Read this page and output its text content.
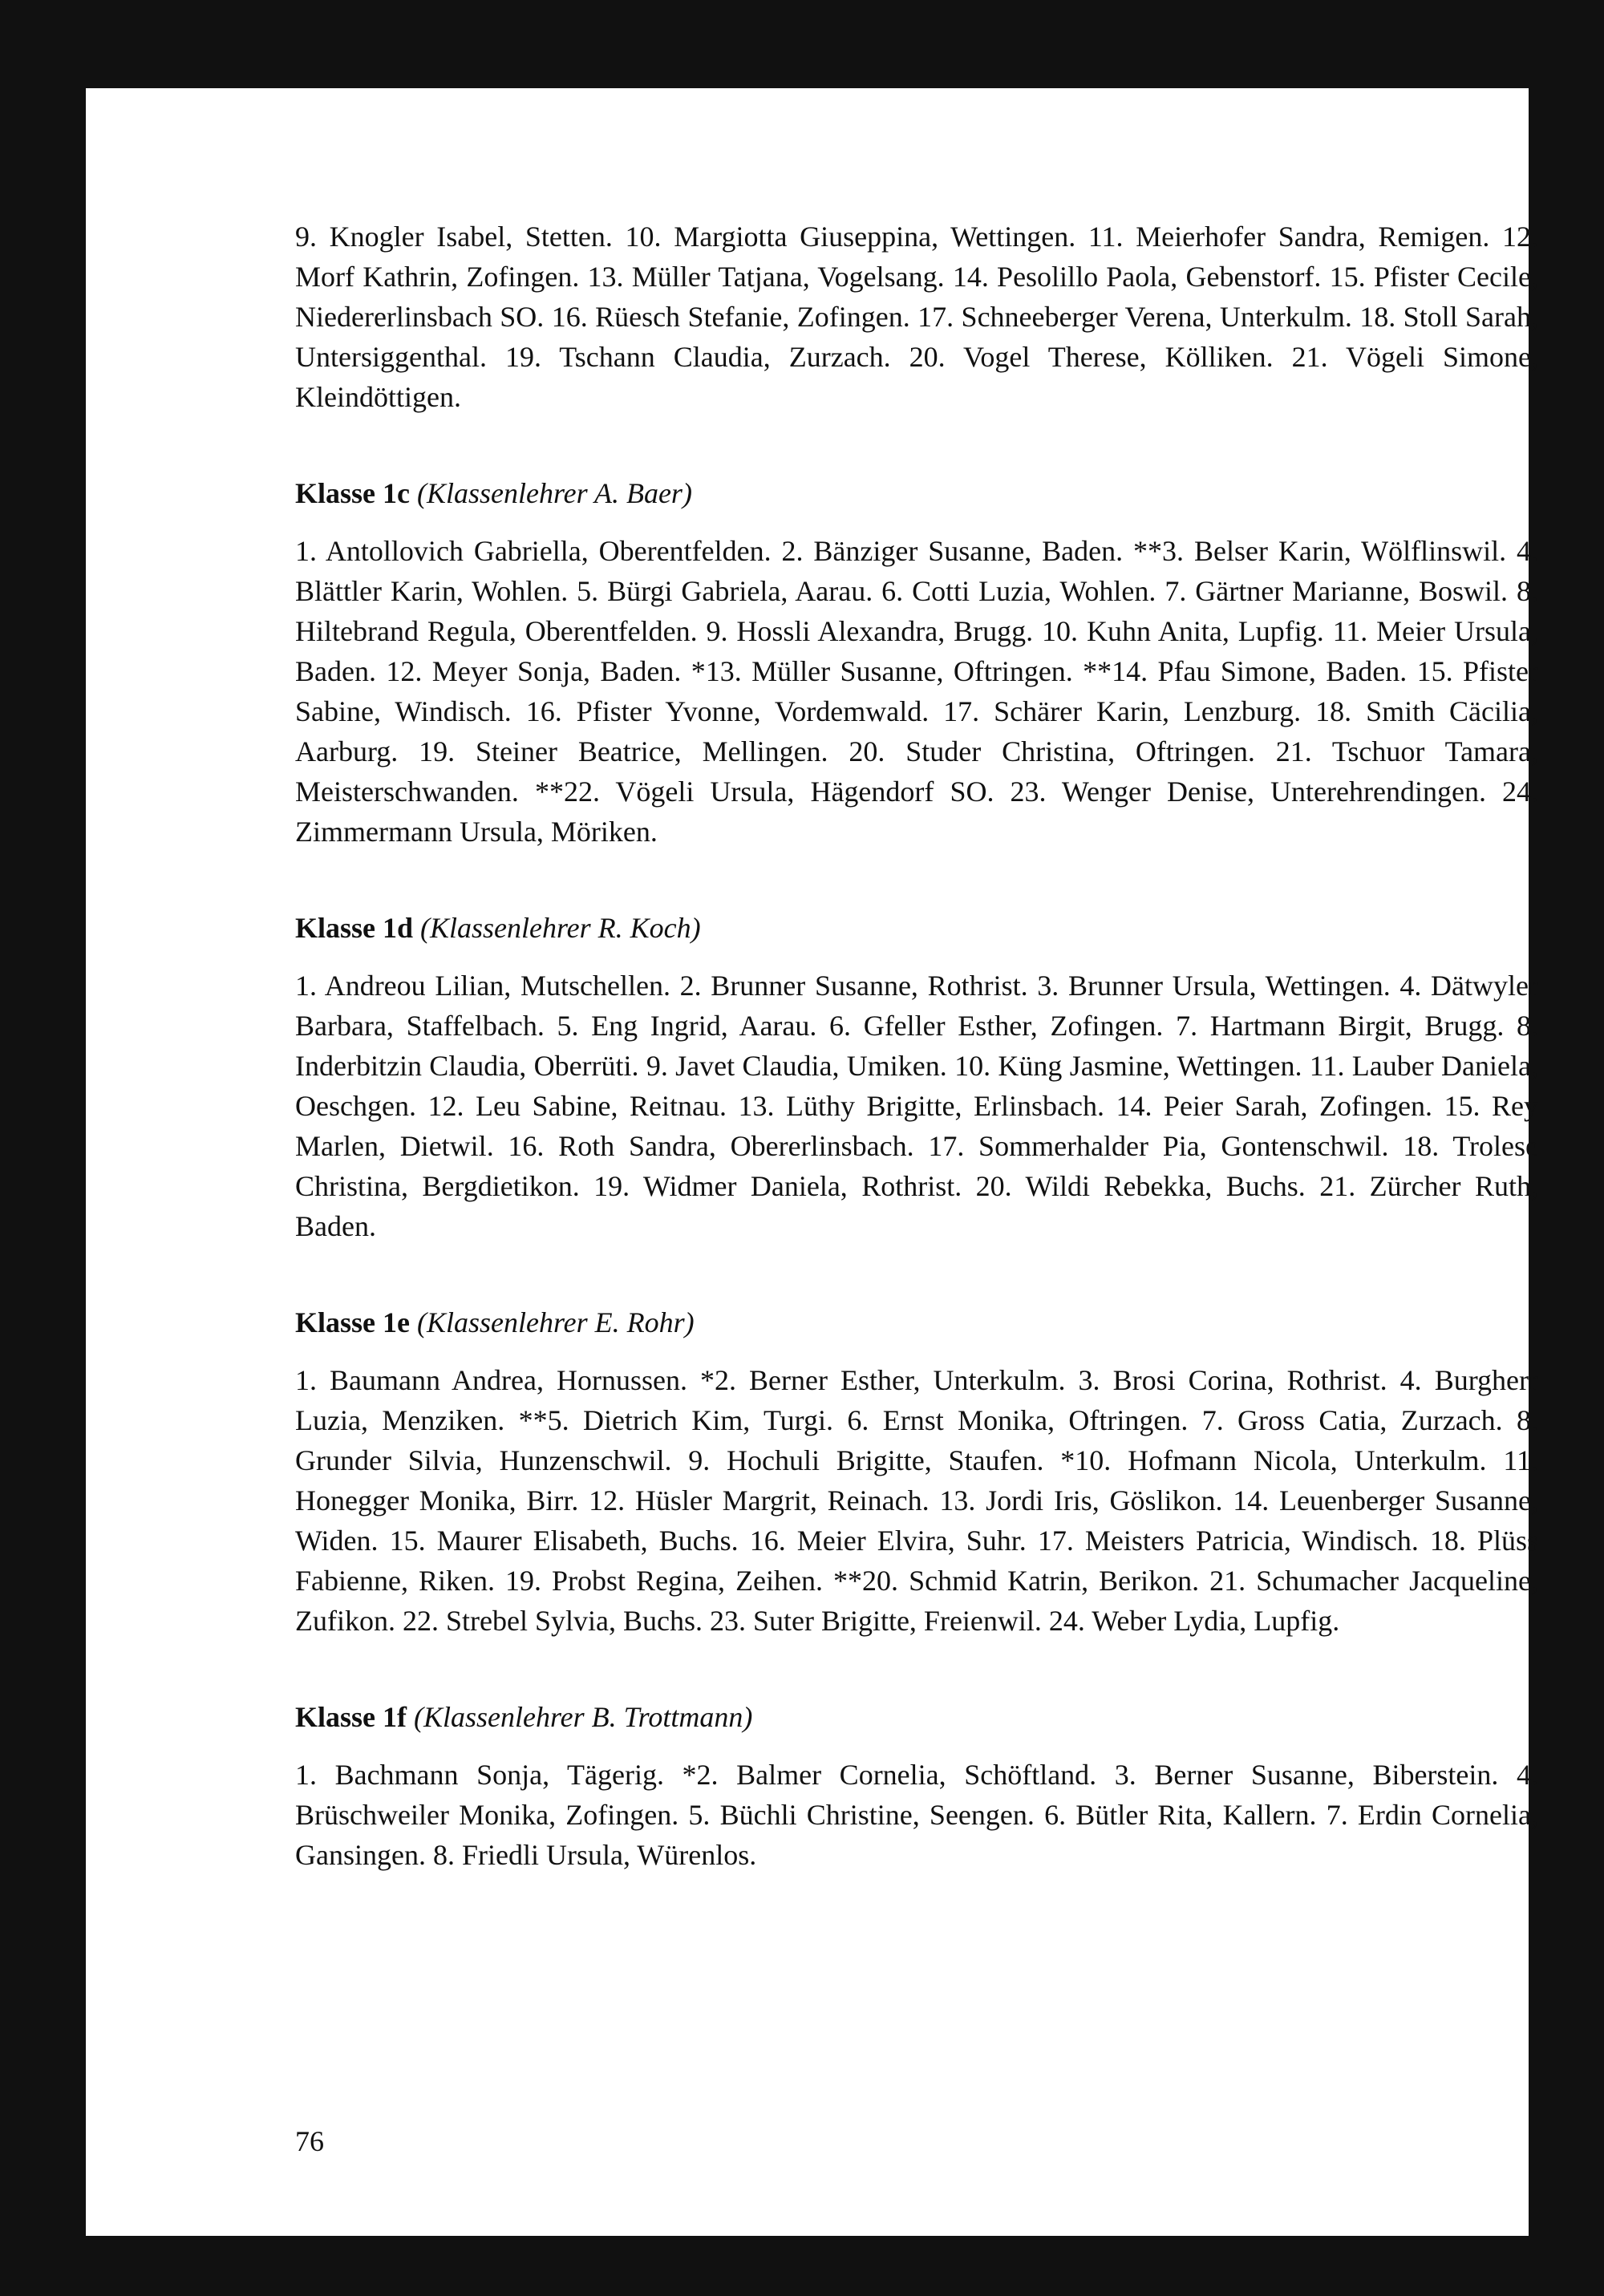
9. Knogler Isabel, Stetten. 10. Margiotta Giuseppina, Wettingen. 11. Meierhofer Sandra, Remigen. 12. Morf Kathrin, Zofingen. 13. Müller Tatjana, Vogelsang. 14. Pesolillo Paola, Gebenstorf. 15. Pfister Cecile, Niedererlinsbach SO. 16. Rüesch Stefanie, Zofingen. 17. Schneeberger Verena, Unterkulm. 18. Stoll Sarah, Untersiggenthal. 19. Tschann Claudia, Zurzach. 20. Vogel Therese, Kölliken. 21. Vögeli Simone, Kleindöttigen.

Klasse 1c (Klassenlehrer A. Baer)

1. Antollovich Gabriella, Oberentfelden. 2. Bänziger Susanne, Baden. **3. Belser Karin, Wölflinswil. 4. Blättler Karin, Wohlen. 5. Bürgi Gabriela, Aarau. 6. Cotti Luzia, Wohlen. 7. Gärtner Marianne, Boswil. 8. Hiltebrand Regula, Oberentfelden. 9. Hossli Alexandra, Brugg. 10. Kuhn Anita, Lupfig. 11. Meier Ursula, Baden. 12. Meyer Sonja, Baden. *13. Müller Susanne, Oftringen. **14. Pfau Simone, Baden. 15. Pfister Sabine, Windisch. 16. Pfister Yvonne, Vordemwald. 17. Schärer Karin, Lenzburg. 18. Smith Cäcilia, Aarburg. 19. Steiner Beatrice, Mellingen. 20. Studer Christina, Oftringen. 21. Tschuor Tamara, Meisterschwanden. **22. Vögeli Ursula, Hägendorf SO. 23. Wenger Denise, Unterehrendingen. 24. Zimmermann Ursula, Möriken.

Klasse 1d (Klassenlehrer R. Koch)

1. Andreou Lilian, Mutschellen. 2. Brunner Susanne, Rothrist. 3. Brunner Ursula, Wettingen. 4. Dätwyler Barbara, Staffelbach. 5. Eng Ingrid, Aarau. 6. Gfeller Esther, Zofingen. 7. Hartmann Birgit, Brugg. 8. Inderbitzin Claudia, Oberrüti. 9. Javet Claudia, Umiken. 10. Küng Jasmine, Wettingen. 11. Lauber Daniela, Oeschgen. 12. Leu Sabine, Reitnau. 13. Lüthy Brigitte, Erlinsbach. 14. Peier Sarah, Zofingen. 15. Rey Marlen, Dietwil. 16. Roth Sandra, Obererlinsbach. 17. Sommerhalder Pia, Gontenschwil. 18. Trolese Christina, Bergdietikon. 19. Widmer Daniela, Rothrist. 20. Wildi Rebekka, Buchs. 21. Zürcher Ruth, Baden.

Klasse 1e (Klassenlehrer E. Rohr)

1. Baumann Andrea, Hornussen. *2. Berner Esther, Unterkulm. 3. Brosi Corina, Rothrist. 4. Burgherr Luzia, Menziken. **5. Dietrich Kim, Turgi. 6. Ernst Monika, Oftringen. 7. Gross Catia, Zurzach. 8. Grunder Silvia, Hunzenschwil. 9. Hochuli Brigitte, Staufen. *10. Hofmann Nicola, Unterkulm. 11. Honegger Monika, Birr. 12. Hüsler Margrit, Reinach. 13. Jordi Iris, Göslikon. 14. Leuenberger Susanne, Widen. 15. Maurer Elisabeth, Buchs. 16. Meier Elvira, Suhr. 17. Meisters Patricia, Windisch. 18. Plüss Fabienne, Riken. 19. Probst Regina, Zeihen. **20. Schmid Katrin, Berikon. 21. Schumacher Jacqueline, Zufikon. 22. Strebel Sylvia, Buchs. 23. Suter Brigitte, Freienwil. 24. Weber Lydia, Lupfig.

Klasse 1f (Klassenlehrer B. Trottmann)

1. Bachmann Sonja, Tägerig. *2. Balmer Cornelia, Schöftland. 3. Berner Susanne, Biberstein. 4. Brüschweiler Monika, Zofingen. 5. Büchli Christine, Seengen. 6. Bütler Rita, Kallern. 7. Erdin Cornelia, Gansingen. 8. Friedli Ursula, Würenlos.

76
